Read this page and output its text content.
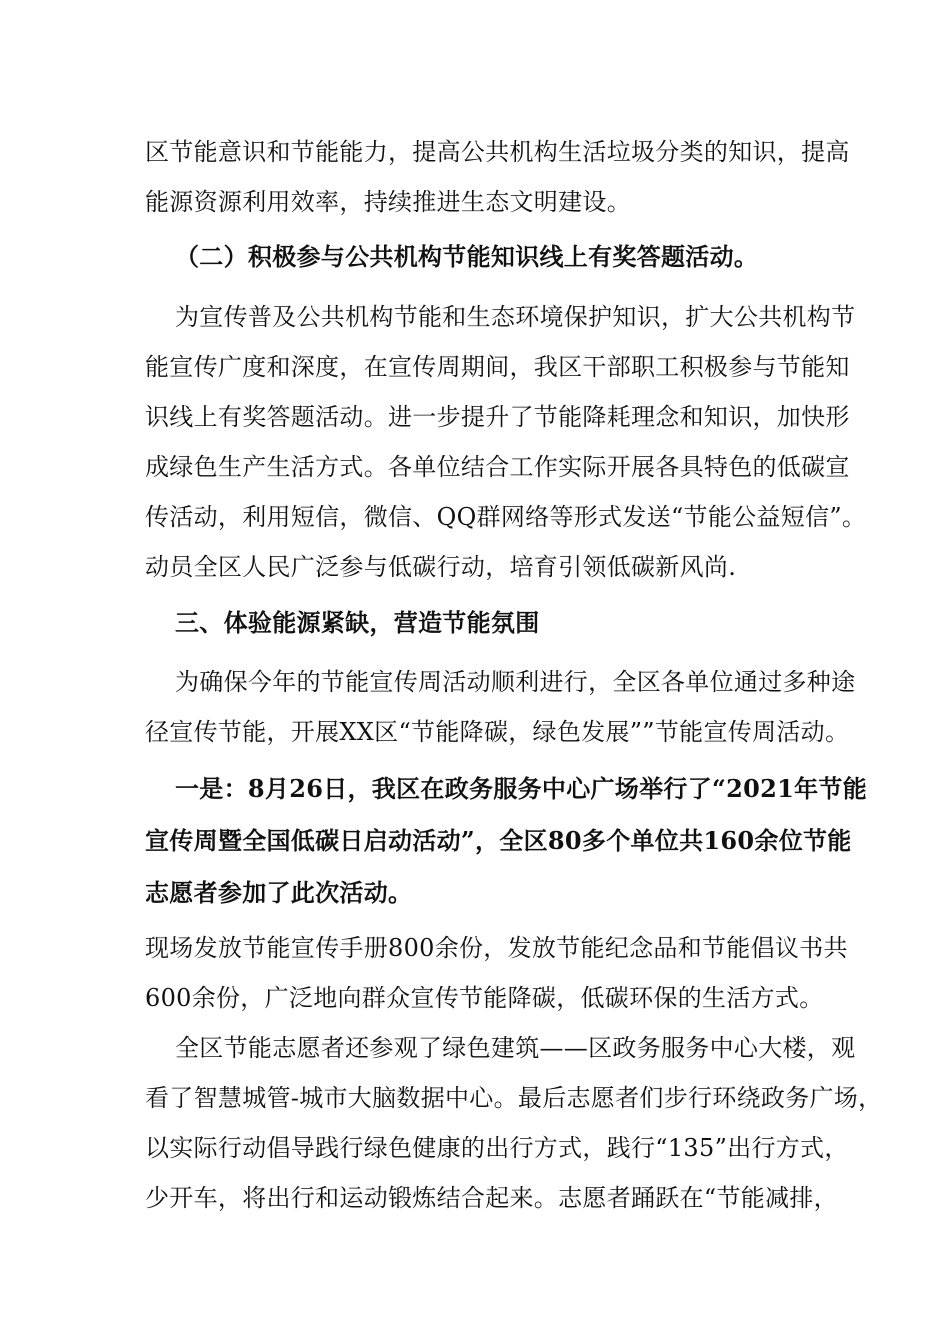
区节能意识和节能能力，提高公共机构生活垃圾分类的知识，提高
能源资源利用效率，持续推进生态文明建设。
（二）积极参与公共机构节能知识线上有奖答题活动。
为宣传普及公共机构节能和生态环境保护知识，扩大公共机构节
能宣传广度和深度，在宣传周期间，我区干部职工积极参与节能知
识线上有奖答题活动。进一步提升了节能降耗理念和知识，加快形
成绿色生产生活方式。各单位结合工作实际开展各具特色的低碳宣
传活动，利用短信，微信、QQ群网络等形式发送“节能公益短信”。
动员全区人民广泛参与低碳行动，培育引领低碳新风尚.
三、体验能源紧缺，营造节能氛围
为确保今年的节能宣传周活动顺利进行，全区各单位通过多种途
径宣传节能，开展XX区“节能降碳，绿色发展””节能宣传周活动。
一是：8月26日，我区在政务服务中心广场举行了“2021年节能
宣传周暨全国低碳日启动活动”，全区80多个单位共160余位节能
志愿者参加了此次活动。
现场发放节能宣传手册800余份，发放节能纪念品和节能倡议书共
600余份，广泛地向群众宣传节能降碳，低碳环保的生活方式。
全区节能志愿者还参观了绿色建筑——区政务服务中心大楼，观
看了智慧城管-城市大脑数据中心。最后志愿者们步行环绕政务广场，
以实际行动倡导践行绿色健康的出行方式，践行“135”出行方式，
少开车，将出行和运动锻炼结合起来。志愿者踊跃在“节能减排，
